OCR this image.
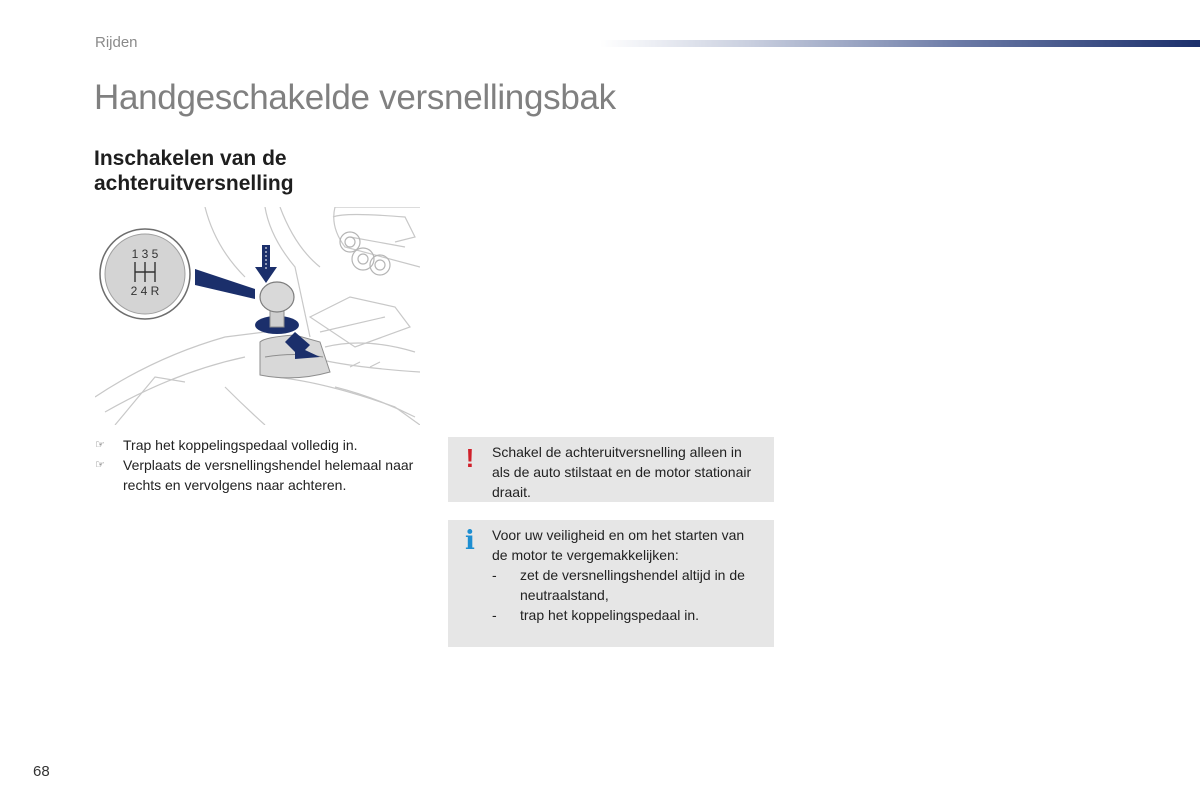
Rijden
Handgeschakelde versnellingsbak
Inschakelen van de achteruitversnelling
1 3 5
2 4 R
☞ Trap het koppelingspedaal volledig in.
☞ Verplaats de versnellingshendel helemaal naar rechts en vervolgens naar achteren.
!	Schakel de achteruitversnelling alleen in als de auto stilstaat en de motor stationair draait.

i	Voor uw veiligheid en om het starten van de motor te vergemakkelijken:

- zet de versnellingshendel altijd in de neutraalstand,
- trap het koppelingspedaal in.
68
